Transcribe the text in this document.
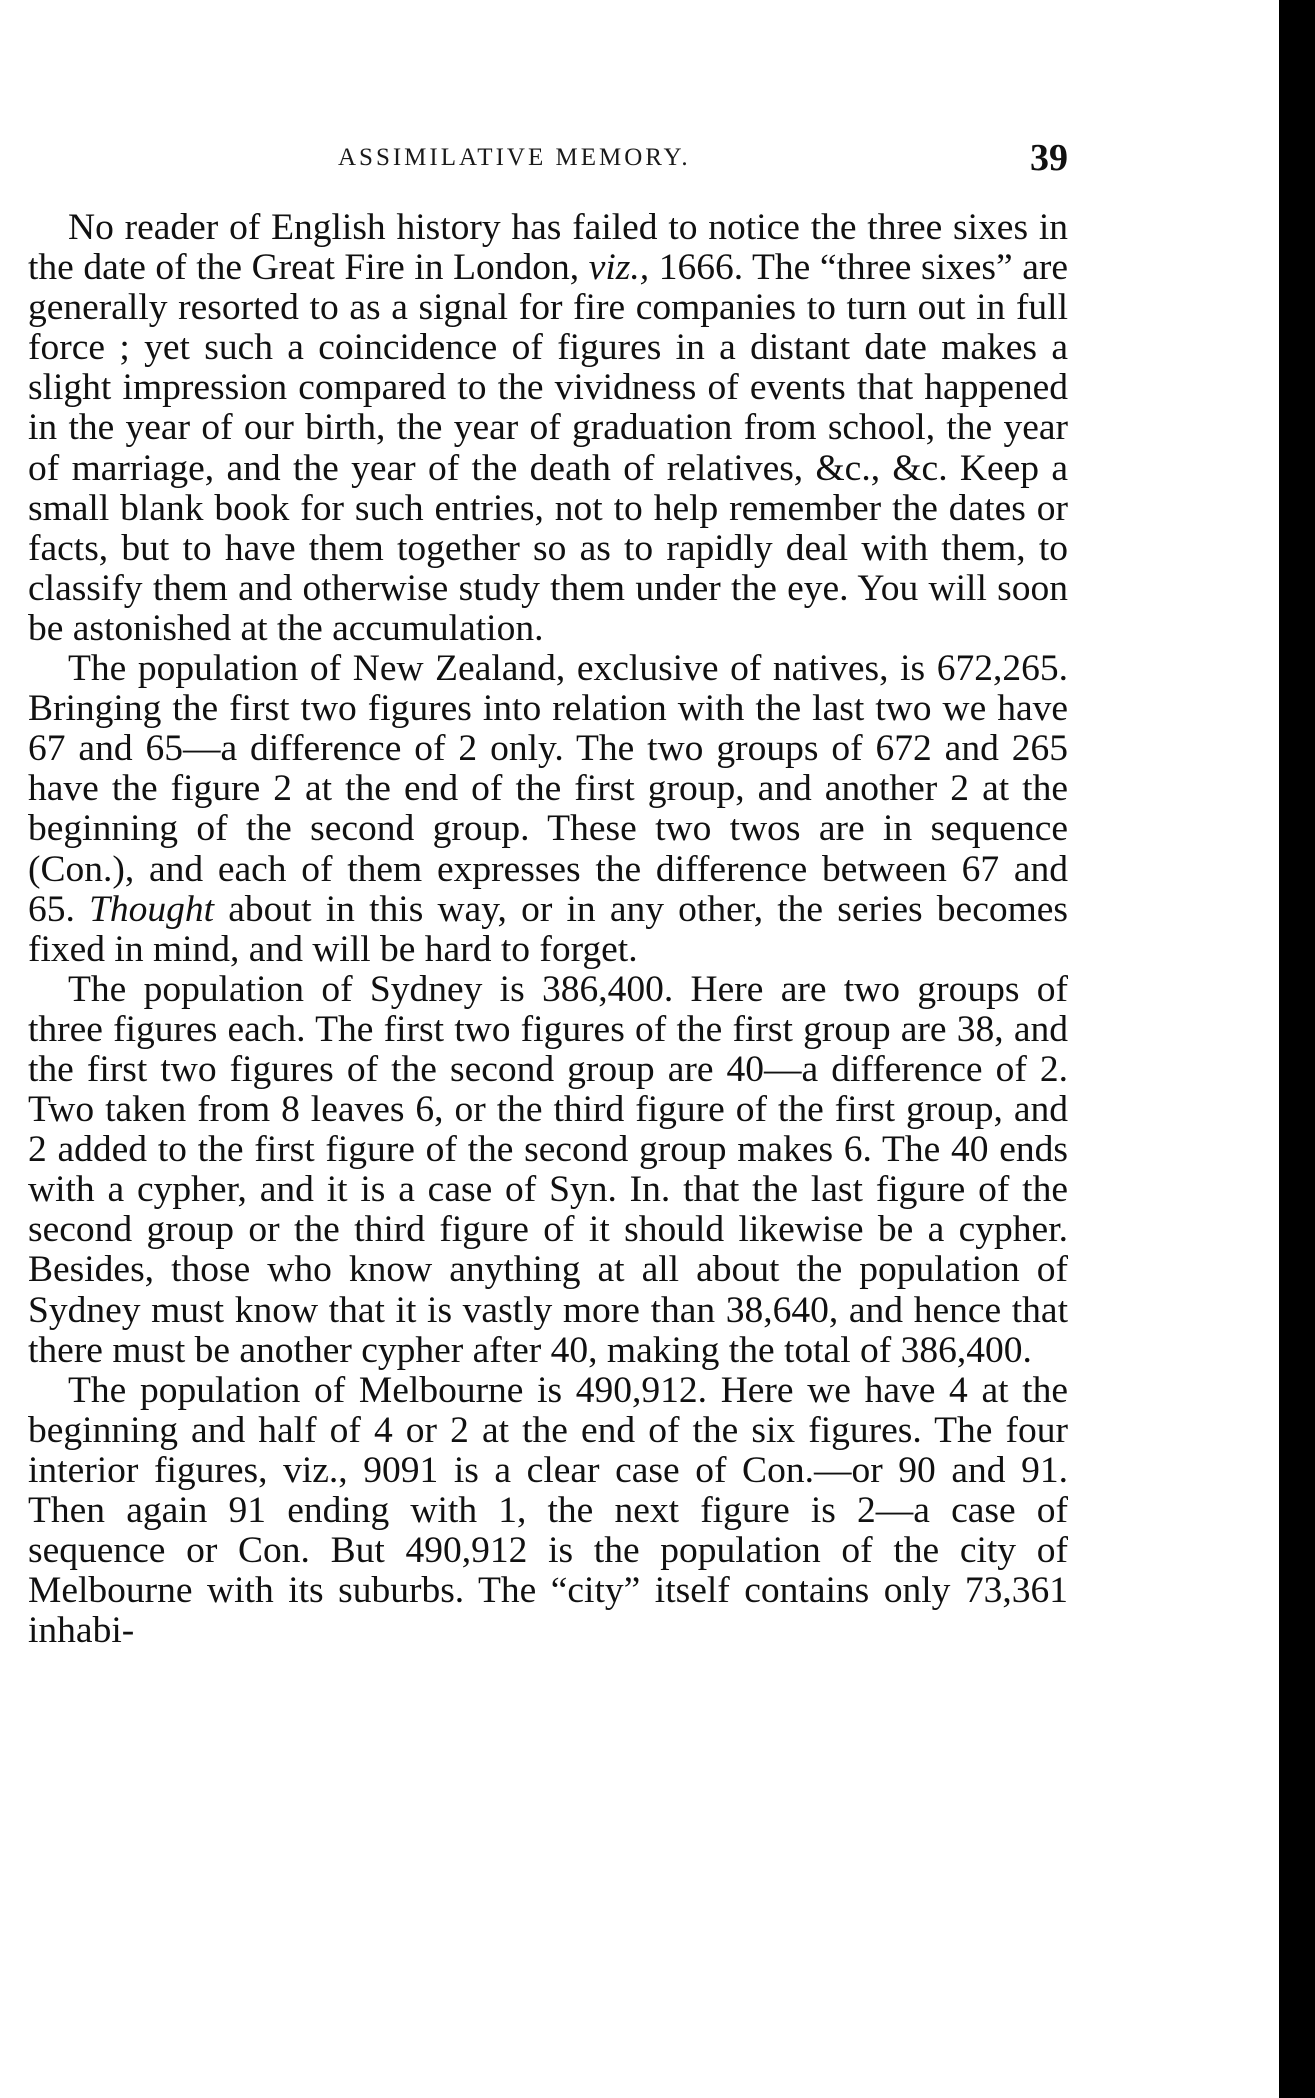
ASSIMILATIVE MEMORY.	39

No reader of English history has failed to notice the three sixes in the date of the Great Fire in London, viz., 1666. The “three sixes” are generally resorted to as a signal for fire companies to turn out in full force ; yet such a coincidence of figures in a distant date makes a slight impression compared to the vividness of events that happened in the year of our birth, the year of graduation from school, the year of marriage, and the year of the death of relatives, &c., &c. Keep a small blank book for such entries, not to help remember the dates or facts, but to have them together so as to rapidly deal with them, to classify them and otherwise study them under the eye. You will soon be astonished at the accumulation.

The population of New Zealand, exclusive of natives, is 672,265. Bringing the first two figures into relation with the last two we have 67 and 65—a difference of 2 only. The two groups of 672 and 265 have the figure 2 at the end of the first group, and another 2 at the beginning of the second group. These two twos are in sequence (Con.), and each of them expresses the difference between 67 and 65. Thought about in this way, or in any other, the series becomes fixed in mind, and will be hard to forget.

The population of Sydney is 386,400. Here are two groups of three figures each. The first two figures of the first group are 38, and the first two figures of the second group are 40—a difference of 2. Two taken from 8 leaves 6, or the third figure of the first group, and 2 added to the first figure of the second group makes 6. The 40 ends with a cypher, and it is a case of Syn. In. that the last figure of the second group or the third figure of it should likewise be a cypher. Besides, those who know anything at all about the population of Sydney must know that it is vastly more than 38,640, and hence that there must be another cypher after 40, making the total of 386,400.

The population of Melbourne is 490,912. Here we have 4 at the beginning and half of 4 or 2 at the end of the six figures. The four interior figures, viz., 9091 is a clear case of Con.—or 90 and 91. Then again 91 ending with 1, the next figure is 2—a case of sequence or Con. But 490,912 is the population of the city of Melbourne with its suburbs. The “city” itself contains only 73,361 inhabi-
